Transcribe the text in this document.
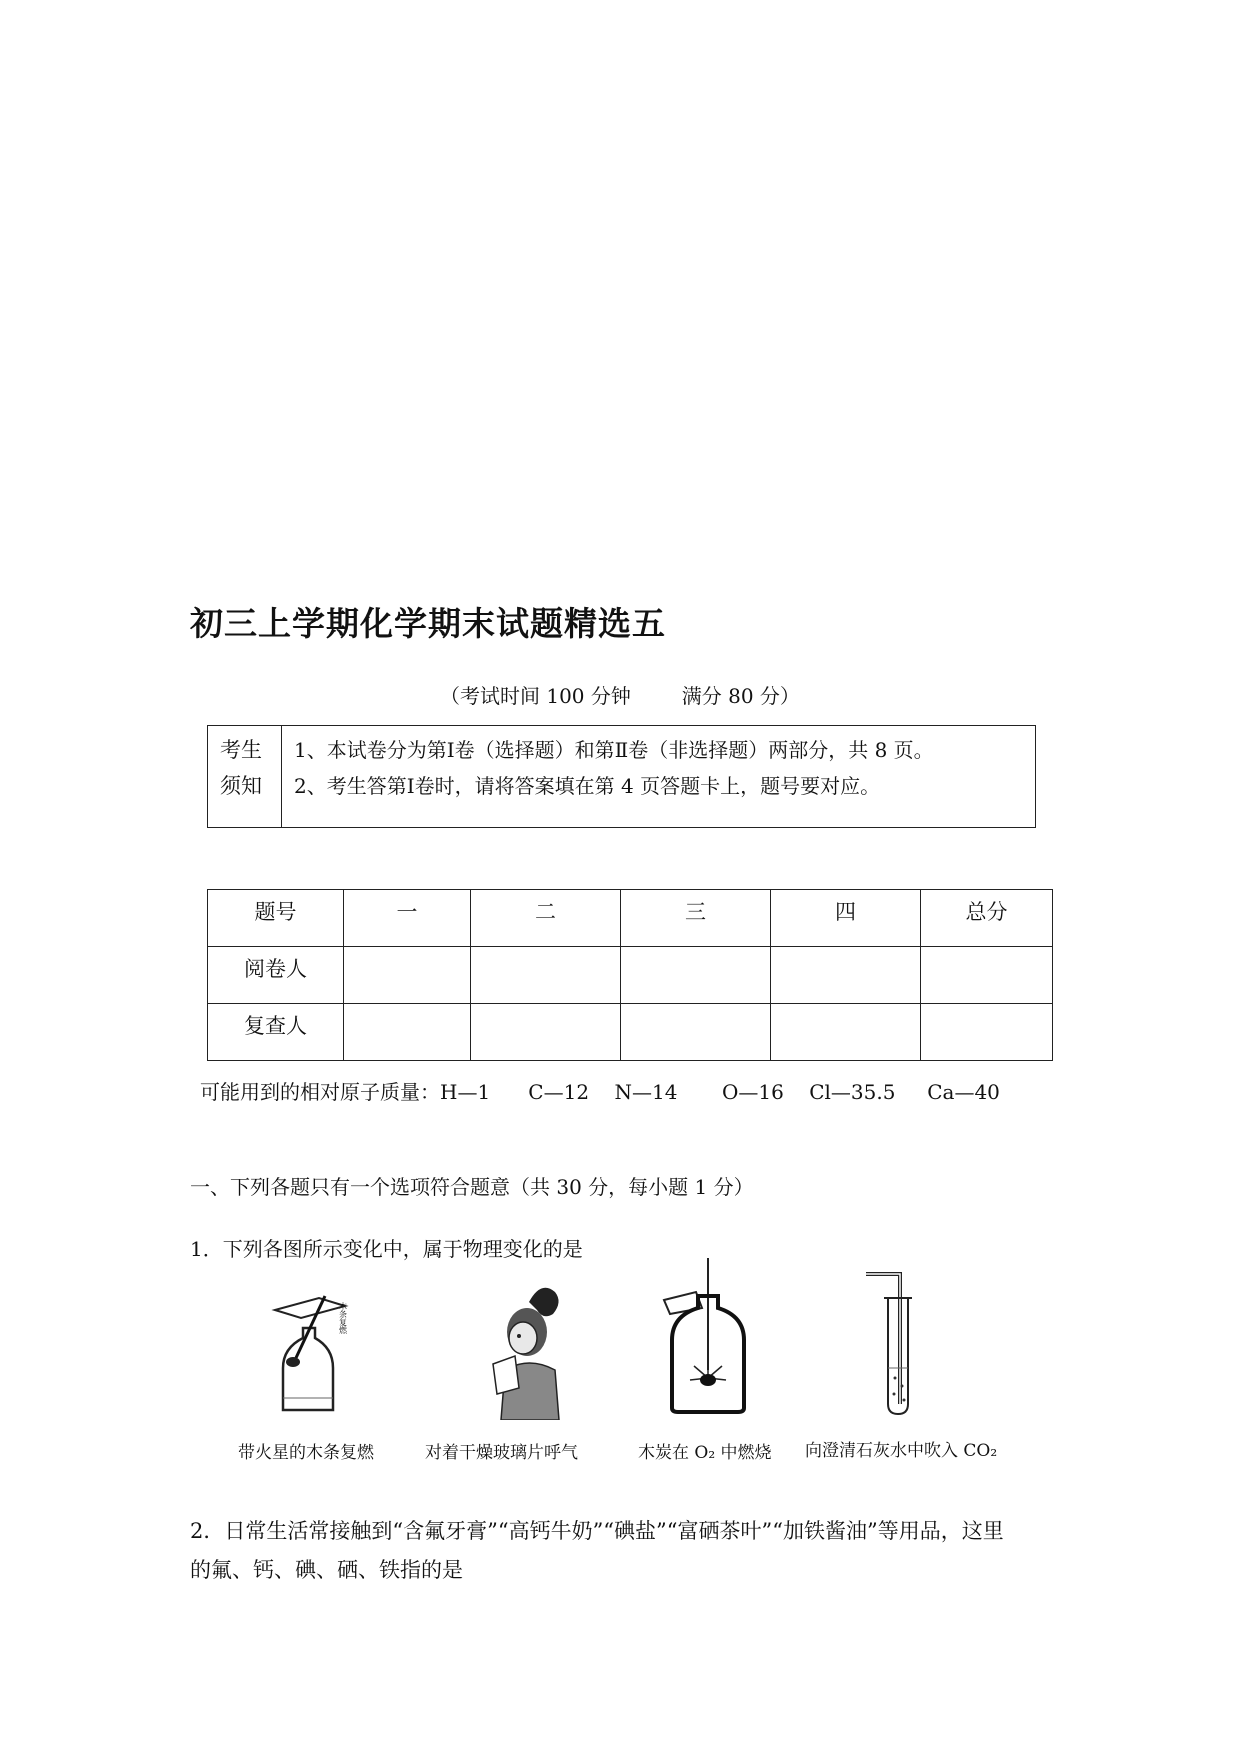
初三上学期化学期末试题精选五
（考试时间 100 分钟        满分 80 分）
考生
须知
1、本试卷分为第Ⅰ卷（选择题）和第Ⅱ卷（非选择题）两部分，共 8 页。
2、考生答第Ⅰ卷时，请将答案填在第 4 页答题卡上，题号要对应。
题号	一	二	三	四	总分
阅卷人					
复查人					
可能用到的相对原子质量：H—1      C—12    N—14       O—16    Cl—35.5     Ca—40
一、下列各题只有一个选项符合题意（共 30 分，每小题 1 分）
1．下列各图所示变化中，属于物理变化的是
木条复燃
带火星的木条复燃	对着干燥玻璃片呼气	木炭在 O₂ 中燃烧 向澄清石灰水中吹入 CO₂
2．日常生活常接触到“含氟牙膏”“高钙牛奶”“碘盐”“富硒茶叶”“加铁酱油”等用品，这里
的氟、钙、碘、硒、铁指的是
